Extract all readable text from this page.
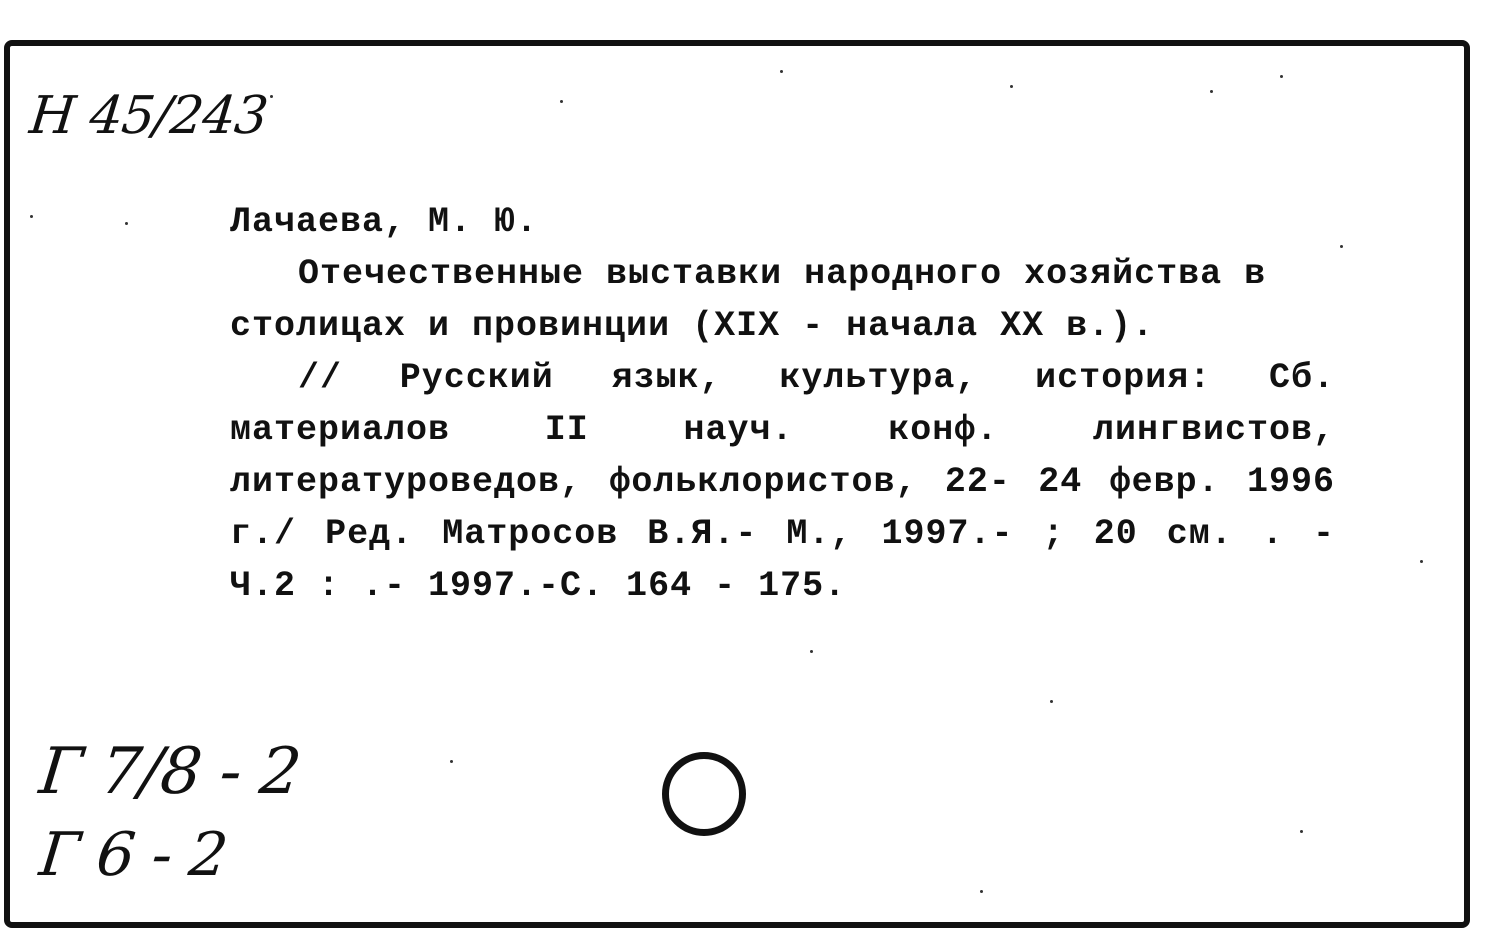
Н 45/243
Лачаева, М. Ю.
Отечественные выставки народного хозяйства в столицах и провинции (XIX - начала XX в.).
// Русский язык, культура, история: Сб. материалов II науч. конф. лингвистов, литературоведов, фольклористов, 22- 24 февр. 1996 г./ Ред. Матросов В.Я.- М., 1997.- ; 20 см. . - Ч.2 : .- 1997.-С. 164 - 175.
Г 7/8 - 2
Г 6 - 2
